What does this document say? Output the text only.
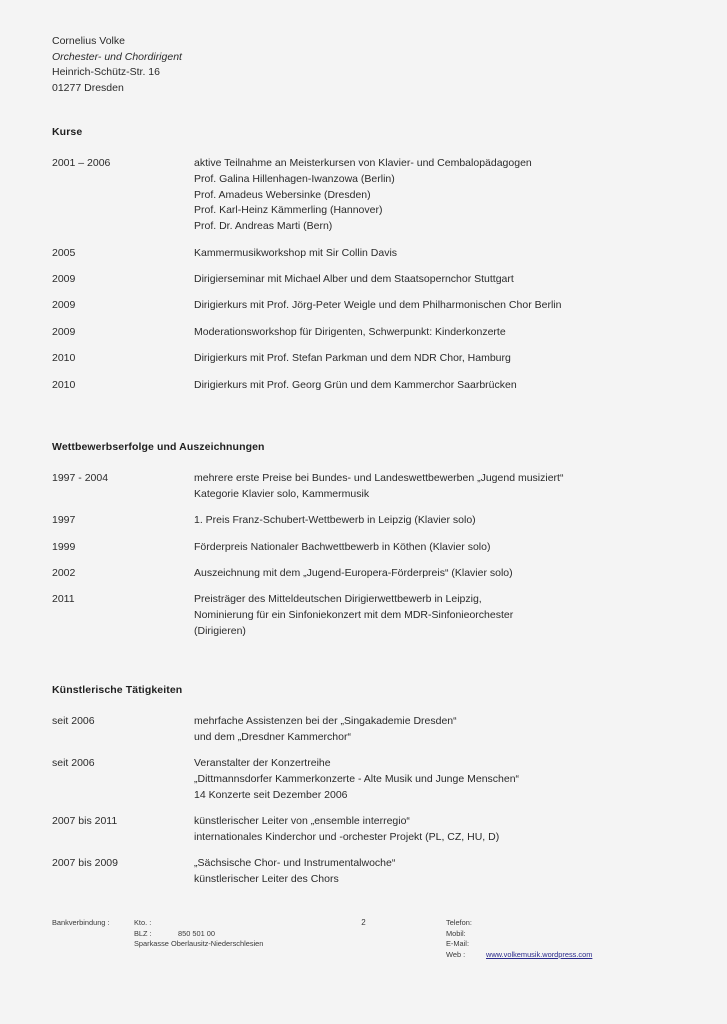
Cornelius Volke
Orchester- und Chordirigent
Heinrich-Schütz-Str. 16
01277 Dresden
Kurse
2001 – 2006	aktive Teilnahme an Meisterkursen von Klavier- und Cembalopädagogen
Prof. Galina Hillenhagen-Iwanzowa (Berlin)
Prof. Amadeus Webersinke (Dresden)
Prof. Karl-Heinz Kämmerling (Hannover)
Prof. Dr. Andreas Marti (Bern)
2005	Kammermusikworkshop mit Sir Collin Davis
2009	Dirigierseminar mit Michael Alber und dem Staatsopernchor Stuttgart
2009	Dirigierkurs mit Prof. Jörg-Peter Weigle und dem Philharmonischen Chor Berlin
2009	Moderationsworkshop für Dirigenten, Schwerpunkt: Kinderkonzerte
2010	Dirigierkurs mit Prof. Stefan Parkman und dem NDR Chor, Hamburg
2010	Dirigierkurs mit Prof. Georg Grün und dem Kammerchor Saarbrücken
Wettbewerbserfolge und Auszeichnungen
1997 - 2004	mehrere erste Preise bei Bundes- und Landeswettbewerben „Jugend musiziert“
Kategorie Klavier solo, Kammermusik
1997	1. Preis Franz-Schubert-Wettbewerb in Leipzig (Klavier solo)
1999	Förderpreis Nationaler Bachwettbewerb in Köthen (Klavier solo)
2002	Auszeichnung mit dem „Jugend-Europera-Förderpreis“ (Klavier solo)
2011	Preisträger des Mitteldeutschen Dirigierwettbewerb in Leipzig,
Nominierung für ein Sinfoniekonzert mit dem MDR-Sinfonieorchester
(Dirigieren)
Künstlerische Tätigkeiten
seit 2006	mehrfache Assistenzen bei der „Singakademie Dresden“
und dem „Dresdner Kammerchor“
seit 2006	Veranstalter der Konzertreihe
„Dittmannsdorfer Kammerkonzerte - Alte Musik und Junge Menschen“
14 Konzerte seit Dezember 2006
2007 bis 2011	künstlerischer Leiter von „ensemble interregio“
internationales Kinderchor und -orchester Projekt (PL, CZ, HU, D)
2007 bis 2009	„Sächsische Chor- und Instrumentalwoche“
künstlerischer Leiter des Chors
Bankverbindung :	Kto. :
BLZ :	850 501 00
Sparkasse Oberlausitz-Niederschlesien
2	Telefon:
Mobil:
E-Mail:
Web :	www.volkemusik.wordpress.com
